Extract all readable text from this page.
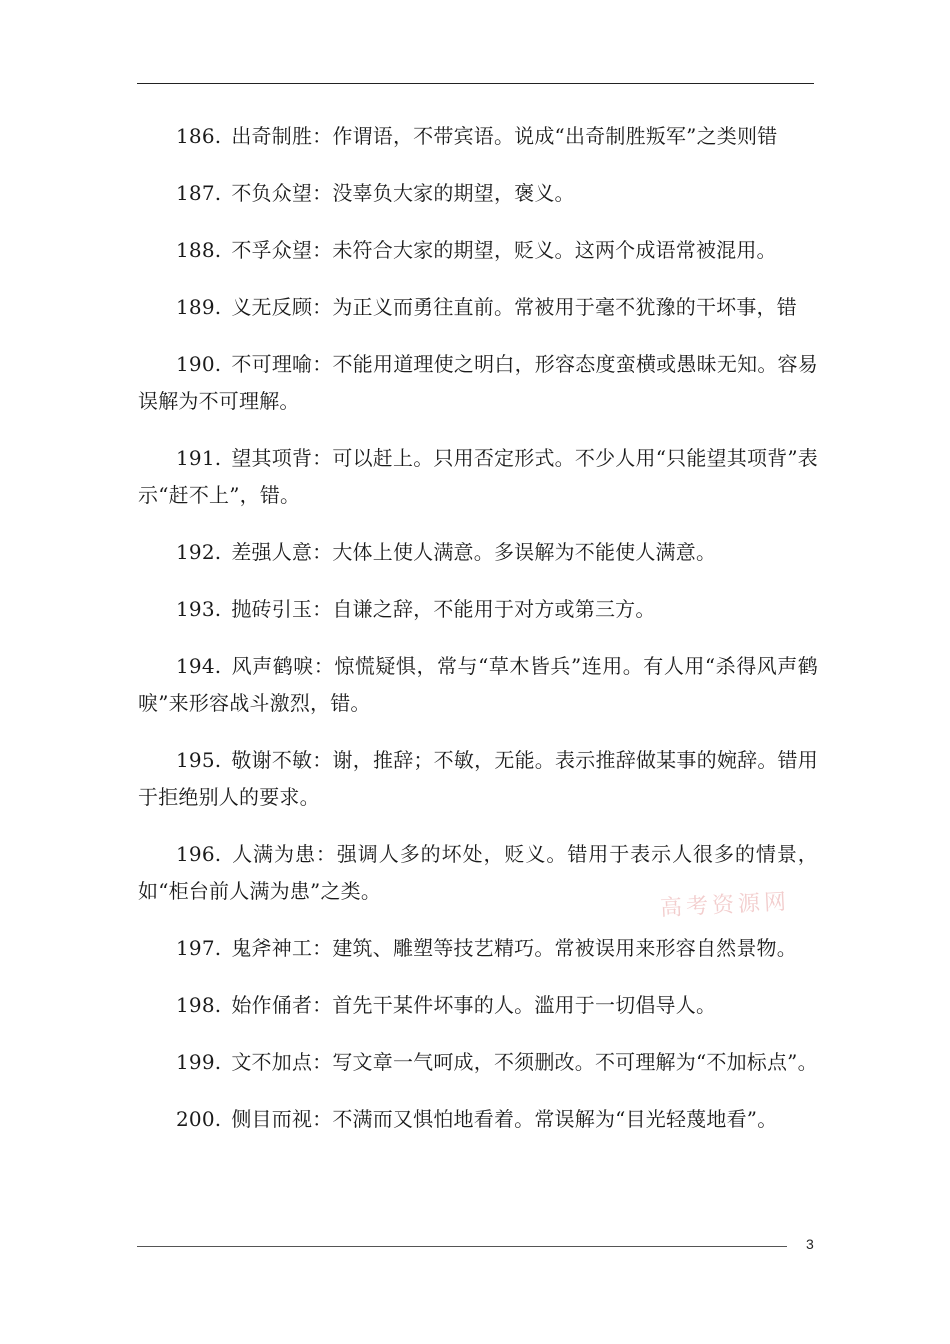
186. 出奇制胜：作谓语，不带宾语。说成“出奇制胜叛军”之类则错

187. 不负众望：没辜负大家的期望，褒义。

188. 不孚众望：未符合大家的期望，贬义。这两个成语常被混用。

189. 义无反顾：为正义而勇往直前。常被用于毫不犹豫的干坏事，错

190. 不可理喻：不能用道理使之明白，形容态度蛮横或愚昧无知。容易误解为不可理解。

191. 望其项背：可以赶上。只用否定形式。不少人用“只能望其项背”表示“赶不上”，错。

192. 差强人意：大体上使人满意。多误解为不能使人满意。

193. 抛砖引玉：自谦之辞，不能用于对方或第三方。

194. 风声鹤唳：惊慌疑惧，常与“草木皆兵”连用。有人用“杀得风声鹤唳”来形容战斗激烈，错。

195. 敬谢不敏：谢，推辞；不敏，无能。表示推辞做某事的婉辞。错用于拒绝别人的要求。

196. 人满为患：强调人多的坏处，贬义。错用于表示人很多的情景，如“柜台前人满为患”之类。

197. 鬼斧神工：建筑、雕塑等技艺精巧。常被误用来形容自然景物。

198. 始作俑者：首先干某件坏事的人。滥用于一切倡导人。

199. 文不加点：写文章一气呵成，不须删改。不可理解为“不加标点”。

200. 侧目而视：不满而又惧怕地看着。常误解为“目光轻蔑地看”。

高考资源网
3
